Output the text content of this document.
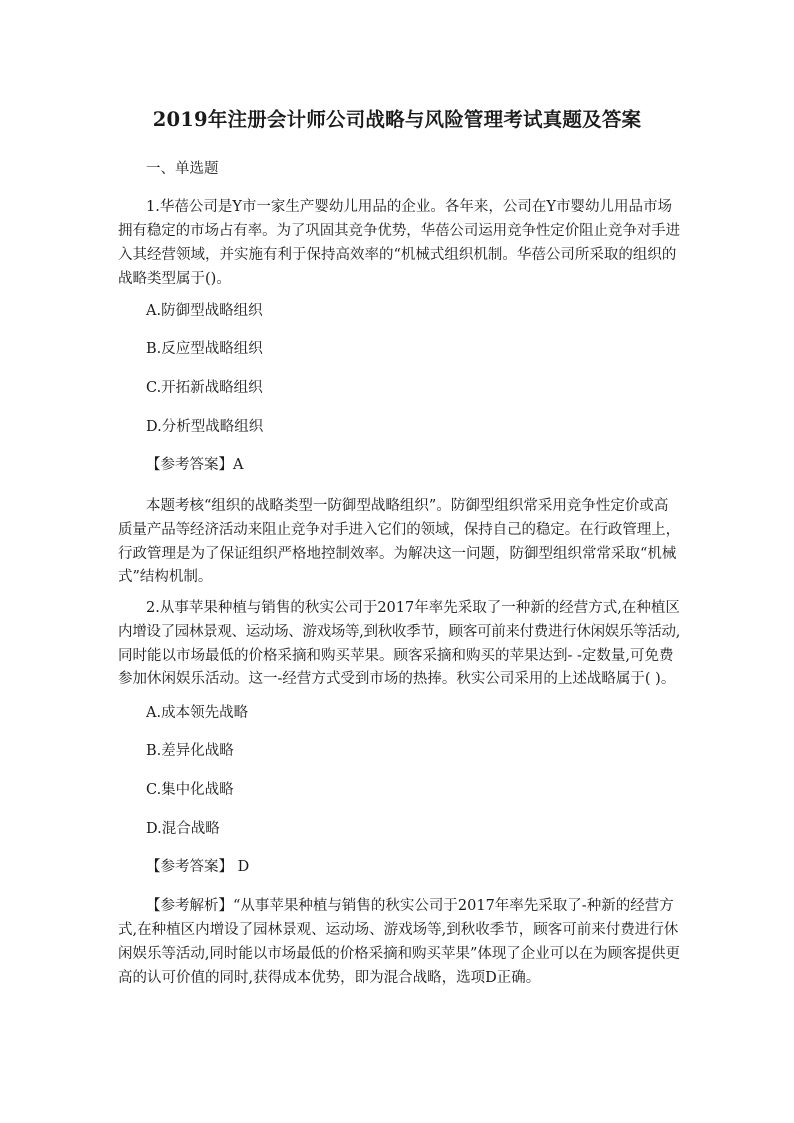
2019年注册会计师公司战略与风险管理考试真题及答案
一、单选题
1.华蓓公司是Y市一家生产婴幼儿用品的企业。各年来，公司在Y市婴幼儿用品市场
拥有稳定的市场占有率。为了巩固其竞争优势，华蓓公司运用竞争性定价阻止竞争对手进
入其经营领域，并实施有利于保持高效率的“机械式组织机制。华蓓公司所采取的组织的
战略类型属于()。
A.防御型战略组织
B.反应型战略组织
C.开拓新战略组织
D.分析型战略组织
【参考答案】A
本题考核“组织的战略类型一防御型战略组织”。防御型组织常采用竞争性定价或高
质量产品等经济活动来阻止竞争对手进入它们的领域，保持自己的稳定。在行政管理上，
行政管理是为了保证组织严格地控制效率。为解决这一问题，防御型组织常常采取“机械
式”结构机制。
2.从事苹果种植与销售的秋实公司于2017年率先采取了一种新的经营方式,在种植区
内增设了园林景观、运动场、游戏场等,到秋收季节，顾客可前来付费进行休闲娱乐等活动,
同时能以市场最低的价格采摘和购买苹果。顾客采摘和购买的苹果达到- -定数量,可免费
参加休闲娱乐活动。这一-经营方式受到市场的热捧。秋实公司采用的上述战略属于( )。
A.成本领先战略
B.差异化战略
C.集中化战略
D.混合战略
【参考答案】 D
【参考解析】“从事苹果种植与销售的秋实公司于2017年率先采取了-种新的经营方
式,在种植区内增设了园林景观、运动场、游戏场等,到秋收季节，顾客可前来付费进行休
闲娱乐等活动,同时能以市场最低的价格采摘和购买苹果”体现了企业可以在为顾客提供更
高的认可价值的同时,获得成本优势，即为混合战略，选项D正确。
